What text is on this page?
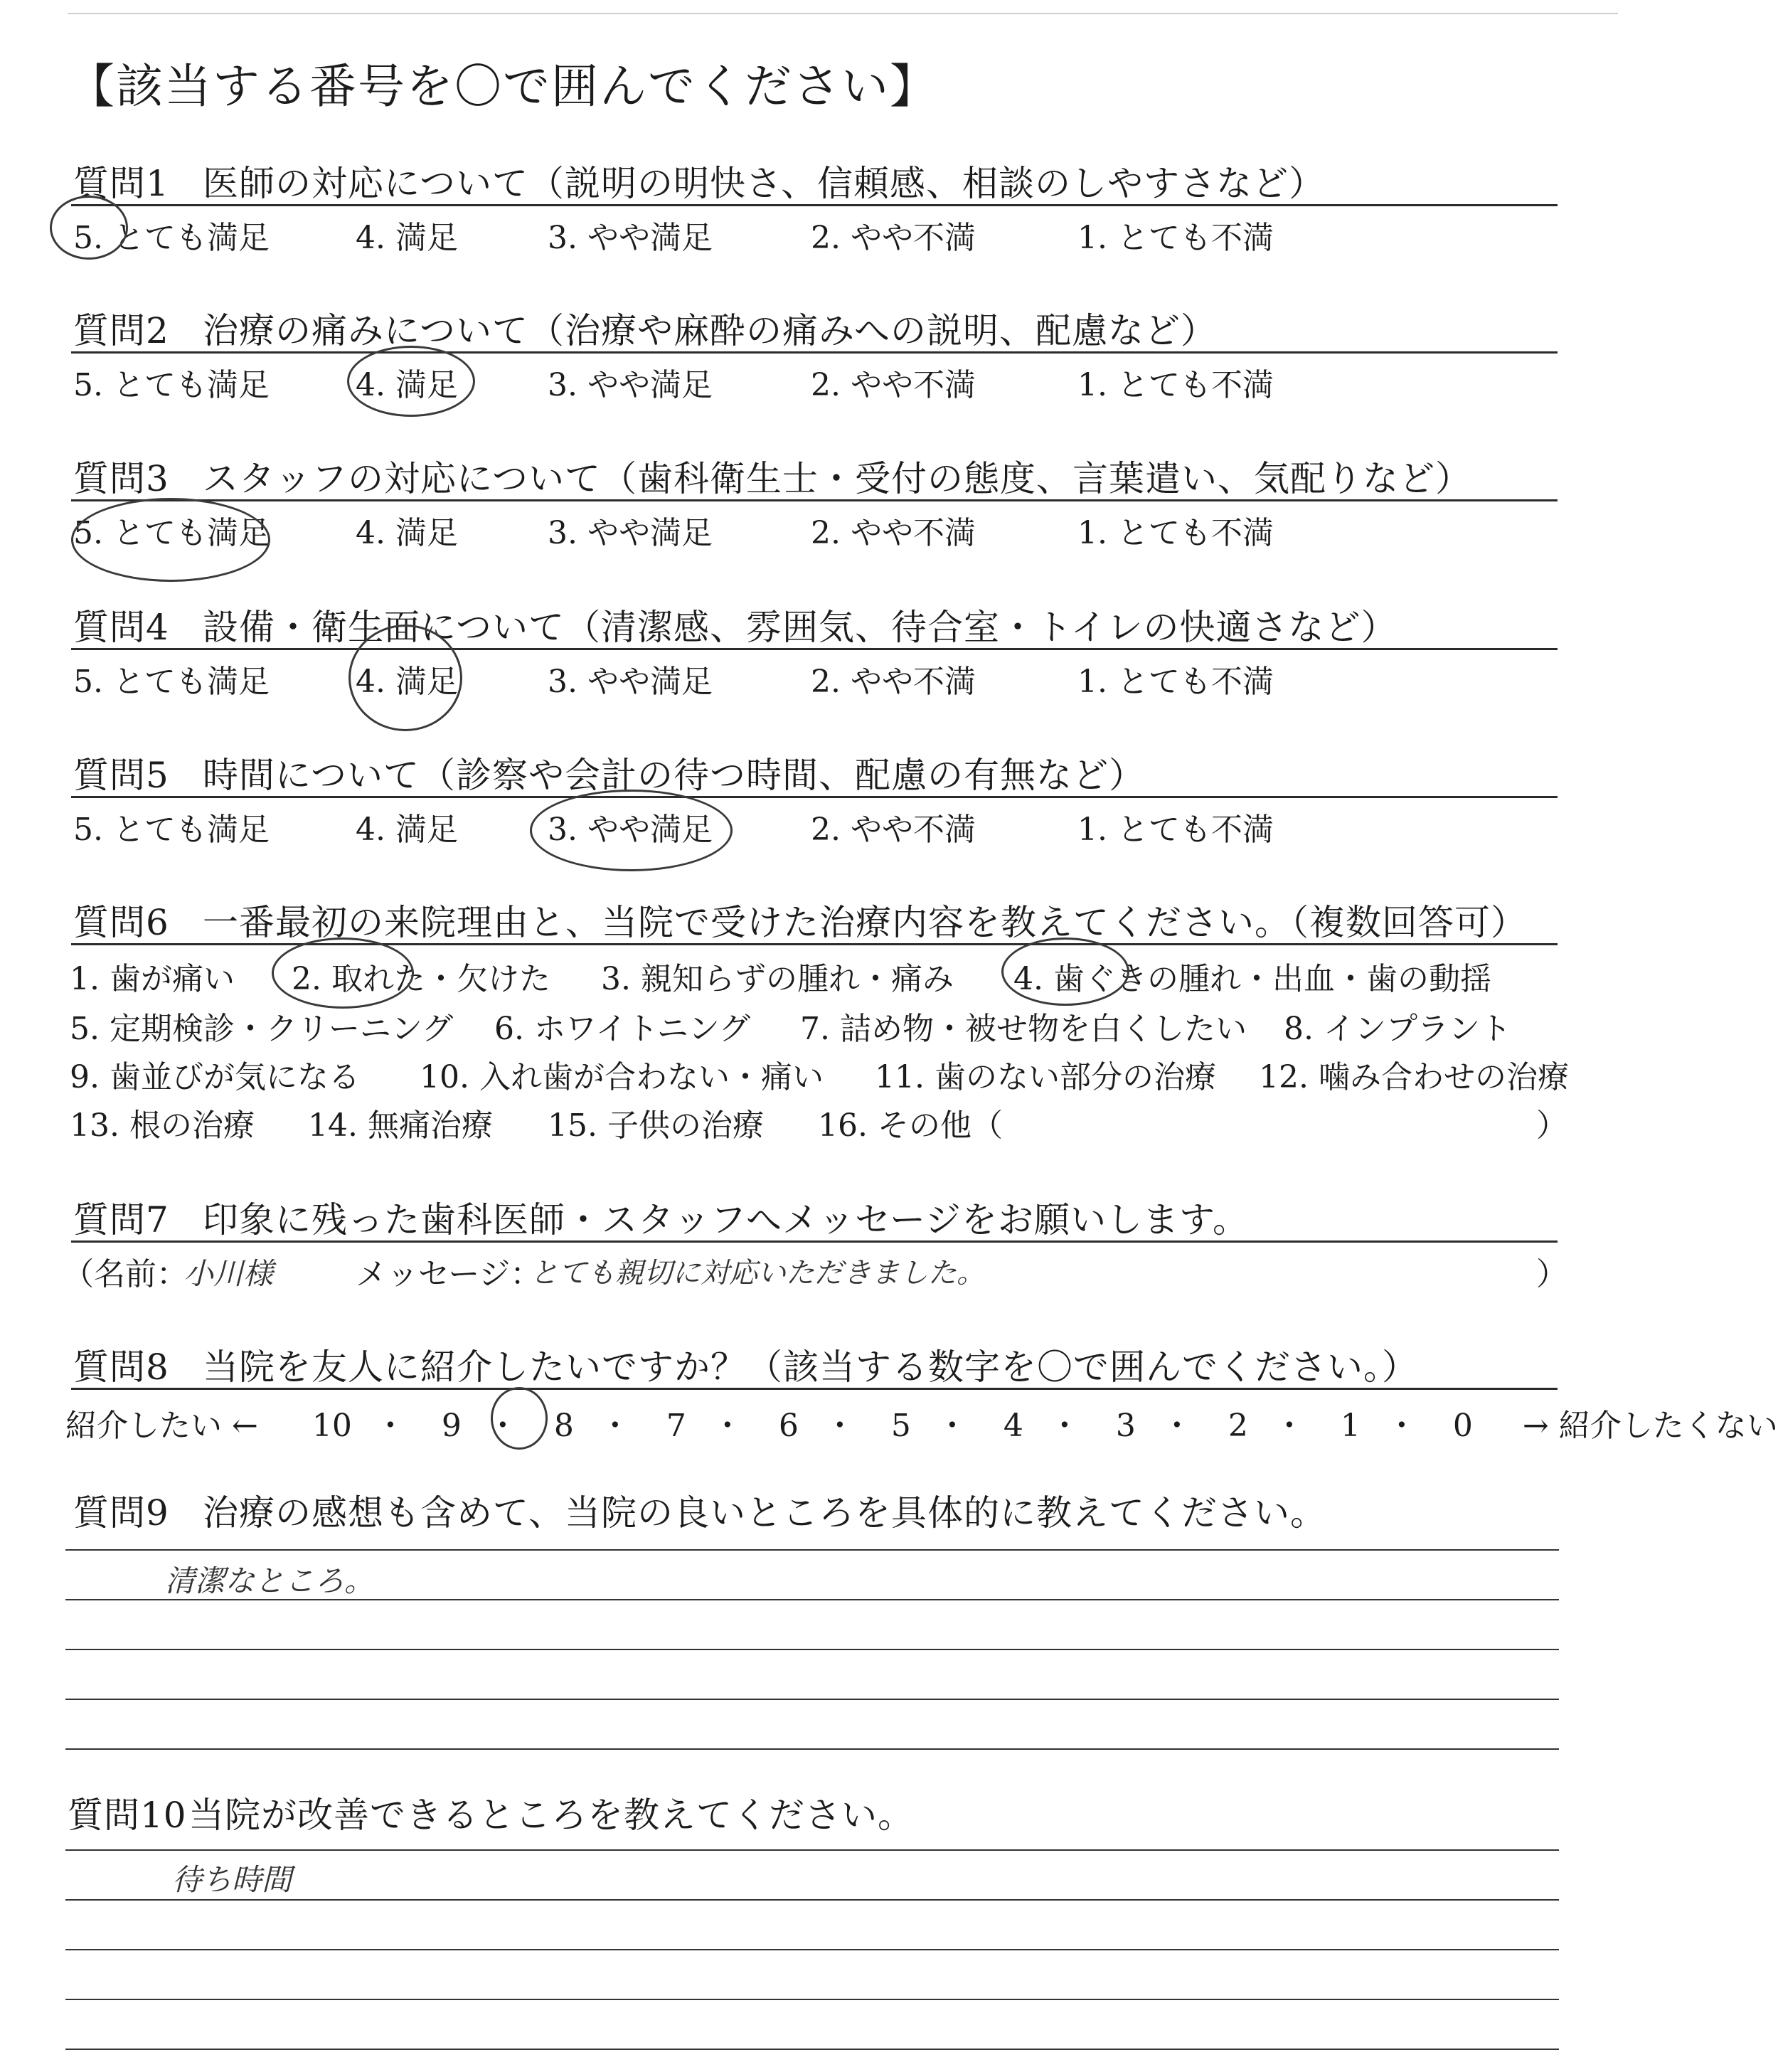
【該当する番号を〇で囲んでください】
質問1 医師の対応について（説明の明快さ、信頼感、相談のしやすさなど）
5. とても満足	4. 満足	3. やや満足	2. やや不満	1. とても不満
質問2 治療の痛みについて（治療や麻酔の痛みへの説明、配慮など）
5. とても満足	4. 満足	3. やや満足	2. やや不満	1. とても不満
質問3 スタッフの対応について（歯科衛生士・受付の態度、言葉遣い、気配りなど）
5. とても満足	4. 満足	3. やや満足	2. やや不満	1. とても不満
質問4 設備・衛生面について（清潔感、雰囲気、待合室・トイレの快適さなど）
5. とても満足	4. 満足	3. やや満足	2. やや不満	1. とても不満
質問5 時間について（診察や会計の待つ時間、配慮の有無など）
5. とても満足	4. 満足	3. やや満足	2. やや不満	1. とても不満
質問6 一番最初の来院理由と、当院で受けた治療内容を教えてください。（複数回答可）
1. 歯が痛い 2. 取れた・欠けた 3. 親知らずの腫れ・痛み 4. 歯ぐきの腫れ・出血・歯の動揺
5. 定期検診・クリーニング 6. ホワイトニング 7. 詰め物・被せ物を白くしたい 8. インプラント
9. 歯並びが気になる 10. 入れ歯が合わない・痛い 11. 歯のない部分の治療 12. 噛み合わせの治療
13. 根の治療 14. 無痛治療 15. 子供の治療 16. その他（	）
質問7 印象に残った歯科医師・スタッフへメッセージをお願いします。
（名前：
小川様	メッセージ：
とても親切に対応いただきました。	）
質問8 当院を友人に紹介したいですか？（該当する数字を〇で囲んでください。）
紹介したい ← 10 ・ 9 ・ 8 ・ 7 ・ 6 ・ 5 ・ 4 ・ 3 ・ 2 ・ 1 ・ 0 → 紹介したくない
質問9 治療の感想も含めて、当院の良いところを具体的に教えてください。
清潔なところ。
質問10当院が改善できるところを教えてください。
待ち時間
